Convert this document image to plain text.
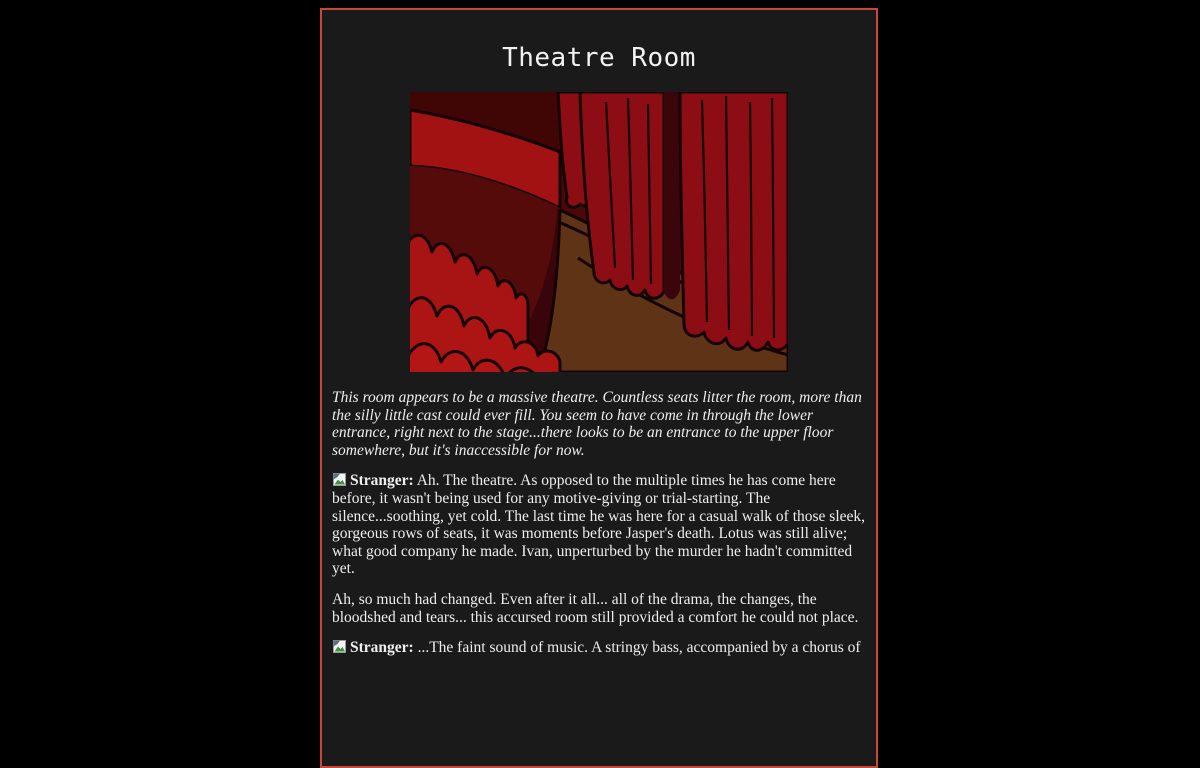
Theatre Room

This room appears to be a massive theatre. Countless seats litter the room, more than the silly little cast could ever fill. You seem to have come in through the lower entrance, right next to the stage...there looks to be an entrance to the upper floor somewhere, but it's inaccessible for now.

Stranger: Ah. The theatre. As opposed to the multiple times he has come here before, it wasn't being used for any motive-giving or trial-starting. The silence...soothing, yet cold. The last time he was here for a casual walk of those sleek, gorgeous rows of seats, it was moments before Jasper's death. Lotus was still alive; what good company he made. Ivan, unperturbed by the murder he hadn't committed yet.

Ah, so much had changed. Even after it all... all of the drama, the changes, the bloodshed and tears... this accursed room still provided a comfort he could not place.

Stranger: ...The faint sound of music. A stringy bass, accompanied by a chorus of
